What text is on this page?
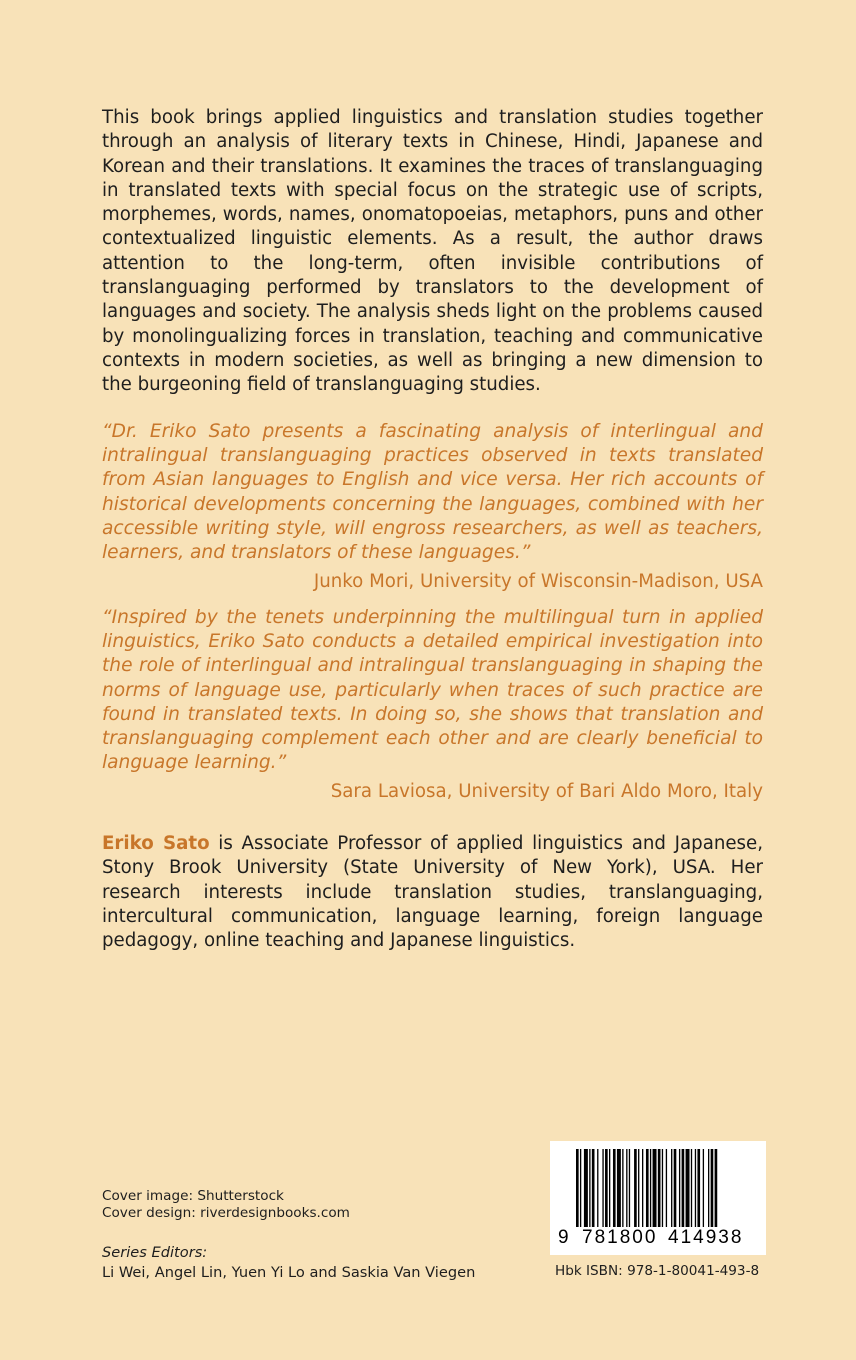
This book brings applied linguistics and translation studies together through an analysis of literary texts in Chinese, Hindi, Japanese and Korean and their translations. It examines the traces of translanguaging in translated texts with special focus on the strategic use of scripts, morphemes, words, names, onomatopoeias, metaphors, puns and other contextualized linguistic elements. As a result, the author draws attention to the long-term, often invisible contributions of translanguaging performed by translators to the development of languages and society. The analysis sheds light on the problems caused by monolingualizing forces in translation, teaching and communicative contexts in modern societies, as well as bringing a new dimension to the burgeoning field of translanguaging studies.

“Dr. Eriko Sato presents a fascinating analysis of interlingual and intralingual translanguaging practices observed in texts translated from Asian languages to English and vice versa. Her rich accounts of historical developments concerning the languages, combined with her accessible writing style, will engross researchers, as well as teachers, learners, and translators of these languages.”
Junko Mori, University of Wisconsin-Madison, USA
“Inspired by the tenets underpinning the multilingual turn in applied linguistics, Eriko Sato conducts a detailed empirical investigation into the role of interlingual and intralingual translanguaging in shaping the norms of language use, particularly when traces of such practice are found in translated texts. In doing so, she shows that translation and translanguaging complement each other and are clearly beneficial to language learning.”
Sara Laviosa, University of Bari Aldo Moro, Italy

Eriko Sato is Associate Professor of applied linguistics and Japanese, Stony Brook University (State University of New York), USA. Her research interests include translation studies, translanguaging, intercultural communication, language learning, foreign language pedagogy, online teaching and Japanese linguistics.

Cover image: Shutterstock
Cover design: riverdesignbooks.com
Series Editors:
Li Wei, Angel Lin, Yuen Yi Lo and Saskia Van Viegen
9 781800 414938
Hbk ISBN: 978-1-80041-493-8
